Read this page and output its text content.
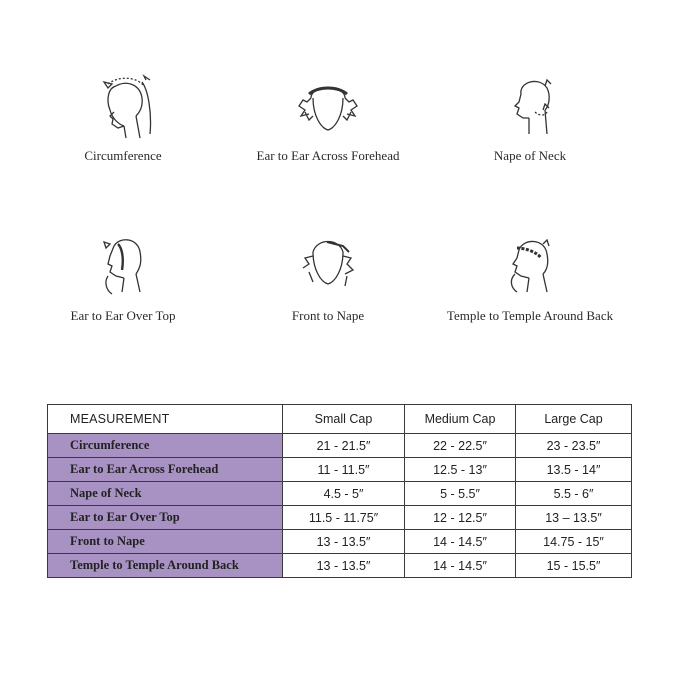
Circumference	Ear to Ear Across Forehead	Nape of Neck
Ear to Ear Over Top	Front to Nape	Temple to Temple Around Back
MEASUREMENT	Small Cap	Medium Cap	Large Cap
Circumference	21 - 21.5″	22 - 22.5″	23 - 23.5″
Ear to Ear Across Forehead	11 - 11.5″	12.5 - 13″	13.5 - 14″
Nape of Neck	4.5 - 5″	5 - 5.5″	5.5 - 6″
Ear to Ear Over Top	11.5 - 11.75″	12 - 12.5″	13 – 13.5″
Front to Nape	13 - 13.5″	14 - 14.5″	14.75 - 15″
Temple to Temple Around Back	13 - 13.5″	14 - 14.5″	15 - 15.5″
